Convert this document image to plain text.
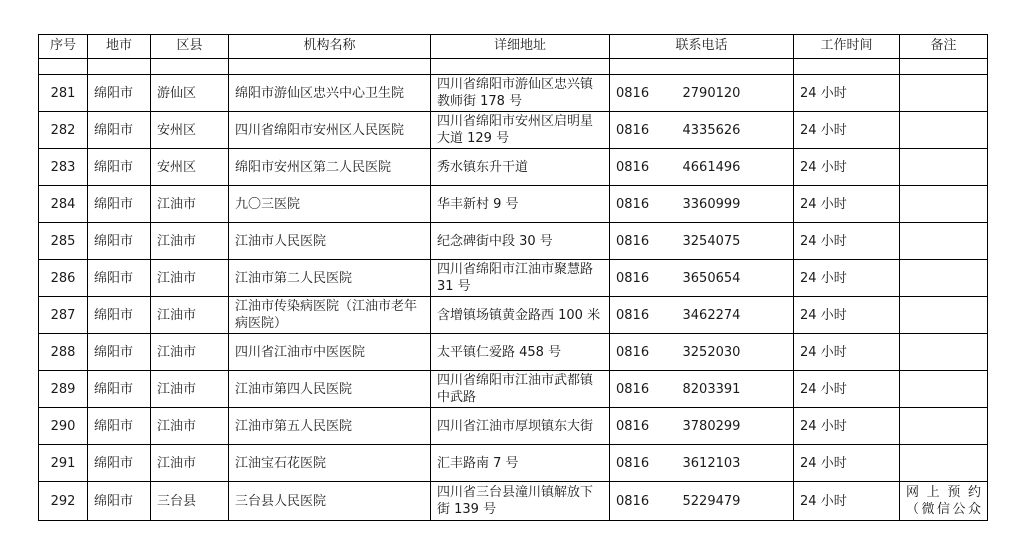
序号	地市	区县	机构名称	详细地址	联系电话		工作时间	备注

281	绵阳市	游仙区	绵阳市游仙区忠兴中心卫生院	四川省绵阳市游仙区忠兴镇教师街 178 号	0816	2790120	24 小时	
282	绵阳市	安州区	四川省绵阳市安州区人民医院	四川省绵阳市安州区启明星大道 129 号	0816	4335626	24 小时	
283	绵阳市	安州区	绵阳市安州区第二人民医院	秀水镇东升干道	0816	4661496	24 小时	
284	绵阳市	江油市	九〇三医院	华丰新村 9 号	0816	3360999	24 小时	
285	绵阳市	江油市	江油市人民医院	纪念碑街中段 30 号	0816	3254075	24 小时	
286	绵阳市	江油市	江油市第二人民医院	四川省绵阳市江油市聚慧路 31 号	0816	3650654	24 小时	
287	绵阳市	江油市	江油市传染病医院（江油市老年病医院）	含增镇场镇黄金路西 100 米	0816	3462274	24 小时	
288	绵阳市	江油市	四川省江油市中医医院	太平镇仁爱路 458 号	0816	3252030	24 小时	
289	绵阳市	江油市	江油市第四人民医院	四川省绵阳市江油市武都镇中武路	0816	8203391	24 小时	
290	绵阳市	江油市	江油市第五人民医院	四川省江油市厚坝镇东大街	0816	3780299	24 小时	
291	绵阳市	江油市	江油宝石花医院	汇丰路南 7 号	0816	3612103	24 小时	
292	绵阳市	三台县	三台县人民医院	四川省三台县潼川镇解放下街 139 号	0816	5229479	24 小时	网上预约（微信公众
